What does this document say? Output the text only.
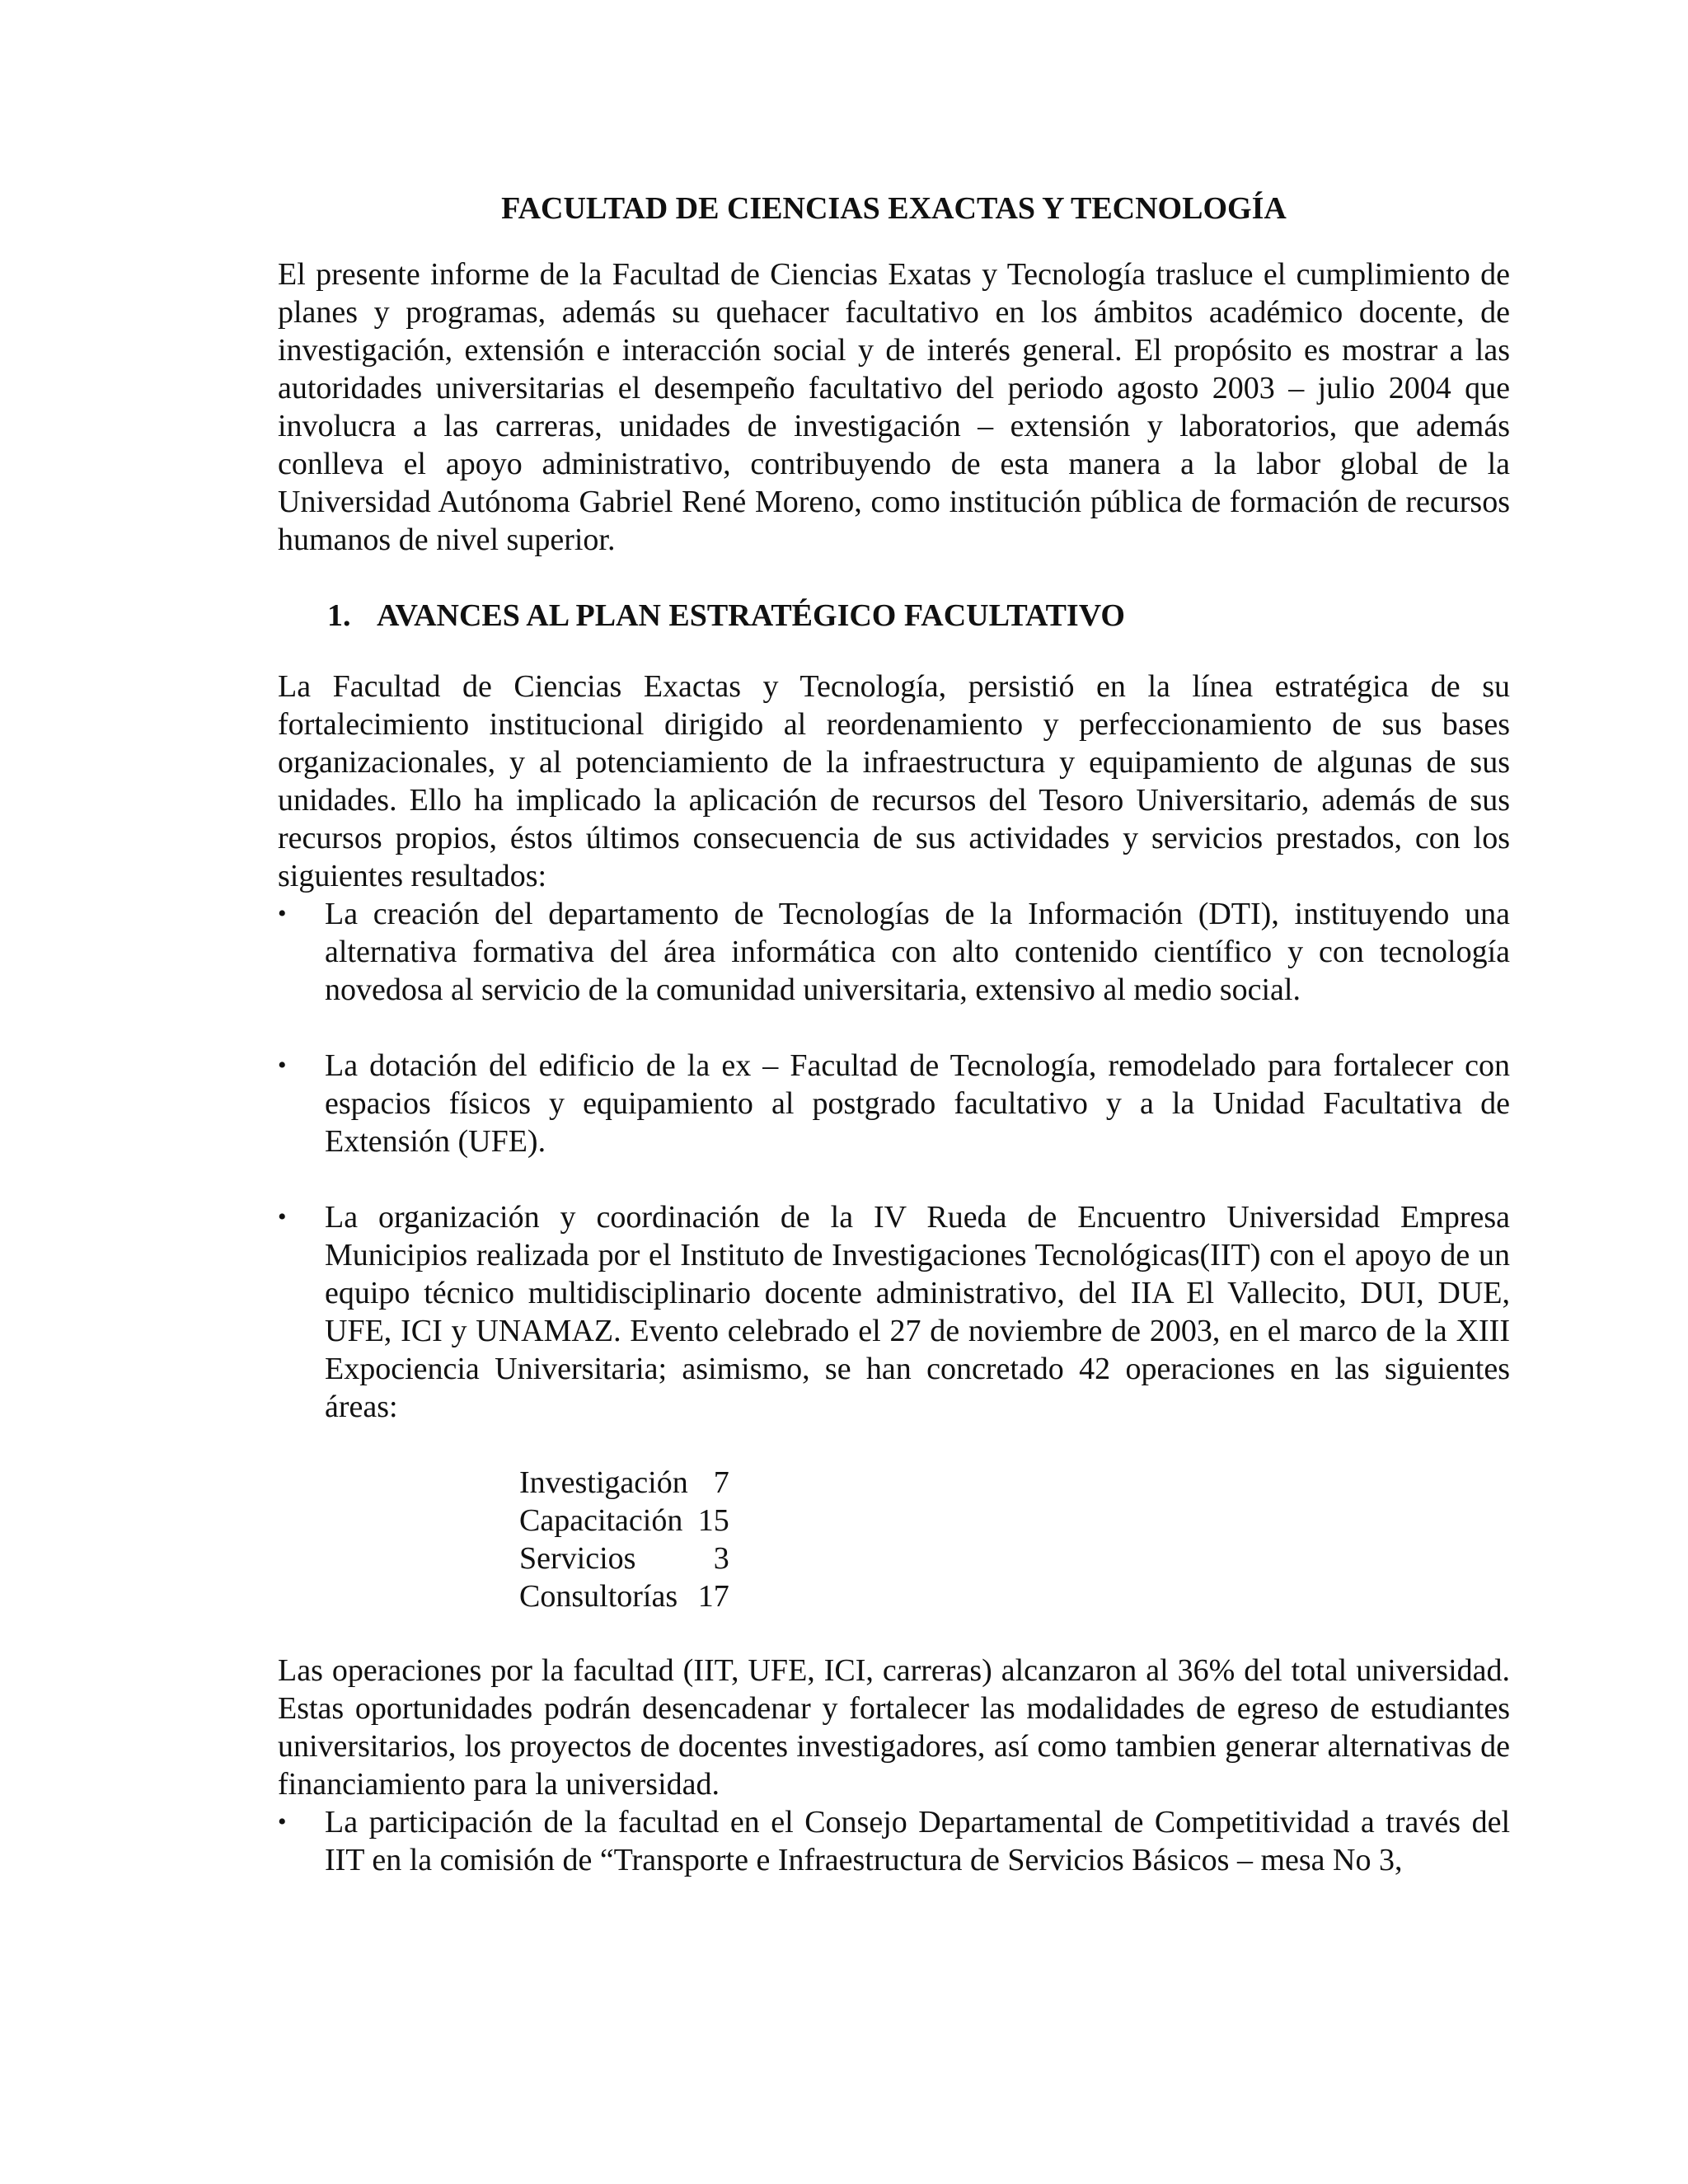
FACULTAD DE CIENCIAS EXACTAS Y TECNOLOGÍA

El presente informe de la Facultad de Ciencias Exatas y Tecnología trasluce el cumplimiento de planes y programas, además su quehacer facultativo en los ámbitos académico docente, de investigación, extensión e interacción social y de interés general. El propósito es mostrar a las autoridades universitarias el desempeño facultativo del periodo agosto 2003 – julio 2004 que involucra a las carreras, unidades de investigación – extensión y laboratorios, que además conlleva el apoyo administrativo, contribuyendo de esta manera a la labor global de la Universidad Autónoma Gabriel René Moreno, como institución pública de formación de recursos humanos de nivel superior.

1. AVANCES AL PLAN ESTRATÉGICO FACULTATIVO

La Facultad de Ciencias Exactas y Tecnología, persistió en la línea estratégica de su fortalecimiento institucional dirigido al reordenamiento y perfeccionamiento de sus bases organizacionales, y al potenciamiento de la infraestructura y equipamiento de algunas de sus unidades. Ello ha implicado la aplicación de recursos del Tesoro Universitario, además de sus recursos propios, éstos últimos consecuencia de sus actividades y servicios prestados, con los siguientes resultados:

• La creación del departamento de Tecnologías de la Información (DTI), instituyendo una alternativa formativa del área informática con alto contenido científico y con tecnología novedosa al servicio de la comunidad universitaria, extensivo al medio social.

• La dotación del edificio de la ex – Facultad de Tecnología, remodelado para fortalecer con espacios físicos y equipamiento al postgrado facultativo y a la Unidad Facultativa de Extensión (UFE).

• La organización y coordinación de la IV Rueda de Encuentro Universidad Empresa Municipios realizada por el Instituto de Investigaciones Tecnológicas(IIT) con el apoyo de un equipo técnico multidisciplinario docente administrativo, del IIA El Vallecito, DUI, DUE, UFE, ICI y UNAMAZ. Evento celebrado el 27 de noviembre de 2003, en el marco de la XIII Expociencia Universitaria; asimismo, se han concretado 42 operaciones en las siguientes áreas:

Investigación	7
Capacitación	15
Servicios	3
Consultorías	17

Las operaciones por la facultad (IIT, UFE, ICI, carreras) alcanzaron al 36% del total universidad. Estas oportunidades podrán desencadenar y fortalecer las modalidades de egreso de estudiantes universitarios, los proyectos de docentes investigadores, así como tambien generar alternativas de financiamiento para la universidad.

• La participación de la facultad en el Consejo Departamental de Competitividad a través del IIT en la comisión de “Transporte e Infraestructura de Servicios Básicos – mesa No 3,
